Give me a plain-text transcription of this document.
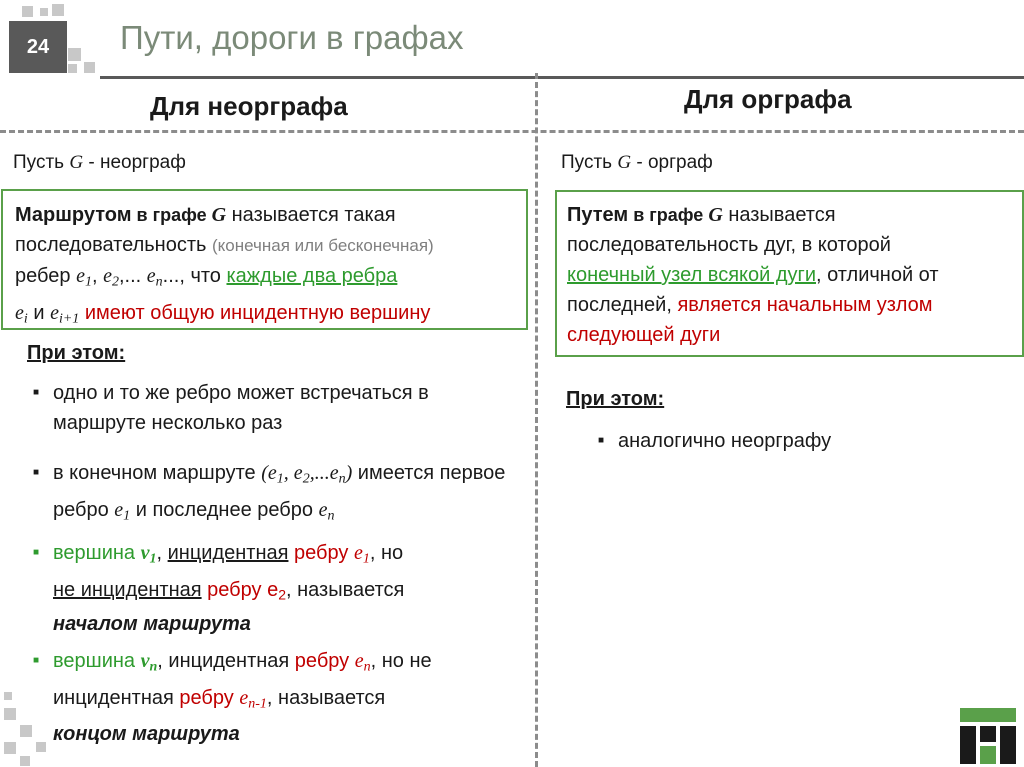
24	Пути, дороги в графах
Для неорграфа	Для орграфа
Пусть G - неорграф
Маршрутом в графе G называется такая
последовательность (конечная или бесконечная)
ребер $e_1$, $e_2$,... $e_n$..., что каждые два ребра
$e_i$ и $e_{i+1}$ имеют общую инцидентную вершину
При этом:
■ одно и то же ребро может встречаться в маршруте несколько раз
■ в конечном маршруте ($e_1$, $e_2,...e_n$) имеется первое ребро $e_1$ и последнее ребро $e_n$
■ вершина $v_1$, инцидентная ребру $e_1$, но
не инцидентная ребру $e_2$, называется
началом маршрута
■ вершина $v_n$, инцидентная ребру $e_n$, но не инцидентная ребру $e_{n-1}$, называется
концом маршрута
Пусть G - орграф
Путем в графе G называется
последовательность дуг, в которой
конечный узел всякой дуги, отличной от
последней, является начальным узлом
следующей дуги
При этом:
■ аналогично неорграфу
